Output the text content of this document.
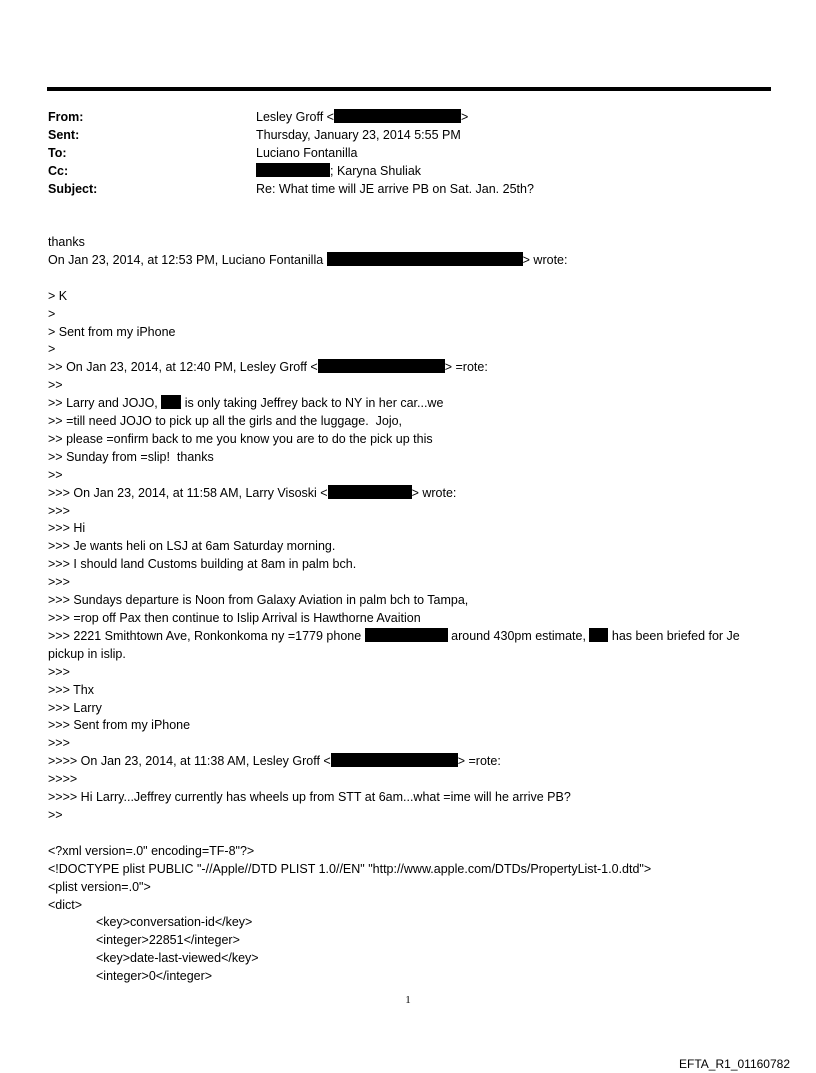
From:	Lesley Groff <	>
Sent:	Thursday, January 23, 2014 5:55 PM
To:	Luciano Fontanilla
Cc:	; Karyna Shuliak
Subject:	Re: What time will JE arrive PB on Sat. Jan. 25th?
thanks
On Jan 23, 2014, at 12:53 PM, Luciano Fontanilla	> wrote:
> K
>
> Sent from my iPhone
>
>> On Jan 23, 2014, at 12:40 PM, Lesley Groff <	> =rote:
>>
>> Larry and JOJO,  is only taking Jeffrey back to NY in her car...we
>> =till need JOJO to pick up all the girls and the luggage.  Jojo,
>> please =onfirm back to me you know you are to do the pick up this
>> Sunday from =slip!  thanks
>>
>>> On Jan 23, 2014, at 11:58 AM, Larry Visoski <	> wrote:
>>>
>>> Hi
>>> Je wants heli on LSJ at 6am Saturday morning.
>>> I should land Customs building at 8am in palm bch.
>>>
>>> Sundays departure is Noon from Galaxy Aviation in palm bch to Tampa,
>>> =rop off Pax then continue to Islip Arrival is Hawthorne Avaition
>>> 2221 Smithtown Ave, Ronkonkoma ny =1779 phone	around 430pm estimate,  has been briefed for Je pickup in islip.
>>>
>>> Thx
>>> Larry
>>> Sent from my iPhone
>>>
>>>> On Jan 23, 2014, at 11:38 AM, Lesley Groff <	> =rote:
>>>>
>>>> Hi Larry...Jeffrey currently has wheels up from STT at 6am...what =ime will he arrive PB?
>>
<?xml version=.0" encoding=TF-8"?>
<!DOCTYPE plist PUBLIC "-//Apple//DTD PLIST 1.0//EN" "http://www.apple.com/DTDs/PropertyList-1.0.dtd">
<plist version=.0">
<dict>
<key>conversation-id</key>
<integer>22851</integer>
<key>date-last-viewed</key>
<integer>0</integer>
1
EFTA_R1_01160782
